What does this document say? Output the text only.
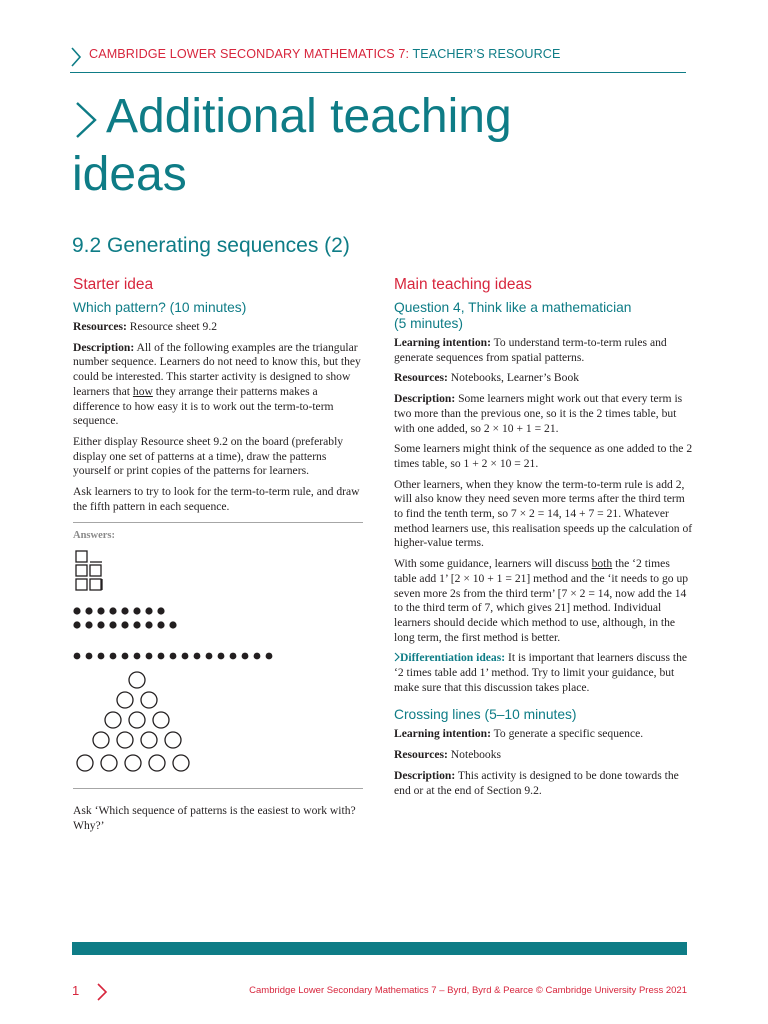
CAMBRIDGE LOWER SECONDARY MATHEMATICS 7: TEACHER’S RESOURCE
Additional teaching
ideas
9.2 Generating sequences (2)
Starter idea
Which pattern? (10 minutes)

Resources: Resource sheet 9.2

Description: All of the following examples are the triangular number sequence. Learners do not need to know this, but they could be interested. This starter activity is designed to show learners that how they arrange their patterns makes a difference to how easy it is to work out the term-to-term sequence.

Either display Resource sheet 9.2 on the board (preferably display one set of patterns at a time), draw the patterns yourself or print copies of the patterns for learners.

Ask learners to try to look for the term-to-term rule, and draw the fifth pattern in each sequence.

Answers:

Ask ‘Which sequence of patterns is the easiest to work with? Why?’

Main teaching ideas
Question 4, Think like a mathematician
(5 minutes)

Learning intention: To understand term-to-term rules and generate sequences from spatial patterns.

Resources: Notebooks, Learner’s Book

Description: Some learners might work out that every term is two more than the previous one, so it is the 2 times table, but with one added, so 2 × 10 + 1 = 21.

Some learners might think of the sequence as one added to the 2 times table, so 1 + 2 × 10 = 21.

Other learners, when they know the term-to-term rule is add 2, will also know they need seven more terms after the third term to find the tenth term, so 7 × 2 = 14, 14 + 7 = 21. Whatever method learners use, this realisation speeds up the calculation of higher-value terms.

With some guidance, learners will discuss both the ‘2 times table add 1’ [2 × 10 + 1 = 21] method and the ‘it needs to go up seven more 2s from the third term’ [7 × 2 = 14, now add the 14 to the third term of 7, which gives 21] method. Individual learners should decide which method to use, although, in the long term, the first method is better.

Differentiation ideas: It is important that learners discuss the ‘2 times table add 1’ method. Try to limit your guidance, but make sure that this discussion takes place.

Crossing lines (5–10 minutes)

Learning intention: To generate a specific sequence.

Resources: Notebooks

Description: This activity is designed to be done towards the end or at the end of Section 9.2.

1	Cambridge Lower Secondary Mathematics 7 – Byrd, Byrd & Pearce © Cambridge University Press 2021
